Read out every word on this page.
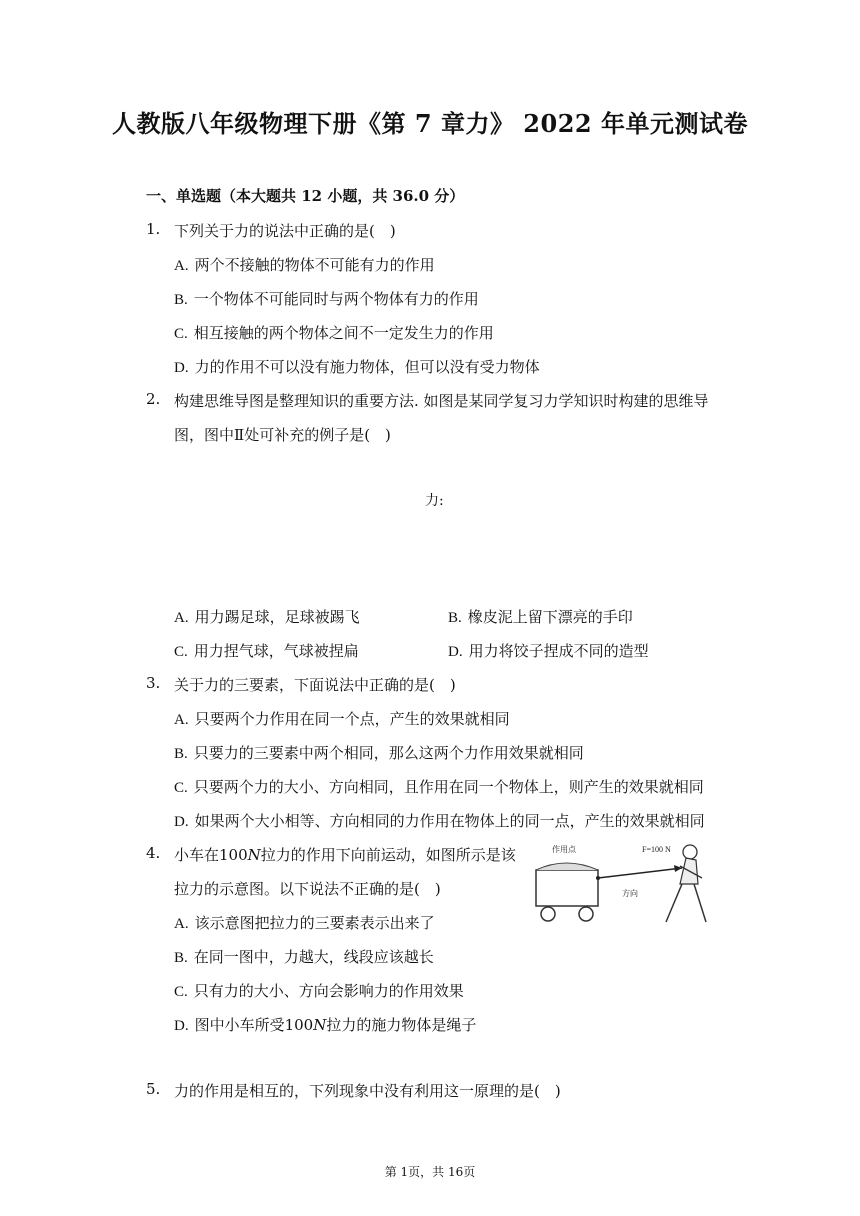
人教版八年级物理下册《第 7 章力》 2022 年单元测试卷
一、单选题（本大题共 12 小题，共 36.0 分）
1. 下列关于力的说法中正确的是(　)
A. 两个不接触的物体不可能有力的作用
B. 一个物体不可能同时与两个物体有力的作用
C. 相互接触的两个物体之间不一定发生力的作用
D. 力的作用不可以没有施力物体，但可以没有受力物体
2. 构建思维导图是整理知识的重要方法. 如图是某同学复习力学知识时构建的思维导
图，图中Ⅱ处可补充的例子是(　)
力:
A. 用力踢足球，足球被踢飞	B. 橡皮泥上留下漂亮的手印
C. 用力捏气球，气球被捏扁	D. 用力将饺子捏成不同的造型
3. 关于力的三要素，下面说法中正确的是(　)
A. 只要两个力作用在同一个点，产生的效果就相同
B. 只要力的三要素中两个相同，那么这两个力作用效果就相同
C. 只要两个力的大小、方向相同，且作用在同一个物体上，则产生的效果就相同
D. 如果两个大小相等、方向相同的力作用在物体上的同一点，产生的效果就相同
4. 小车在100N拉力的作用下向前运动，如图所示是该
拉力的示意图。以下说法不正确的是(　)
作用点	F=100 N
方向
A. 该示意图把拉力的三要素表示出来了
B. 在同一图中，力越大，线段应该越长
C. 只有力的大小、方向会影响力的作用效果
D. 图中小车所受100N拉力的施力物体是绳子
5. 力的作用是相互的，下列现象中没有利用这一原理的是(　)
第 1页，共 16页
